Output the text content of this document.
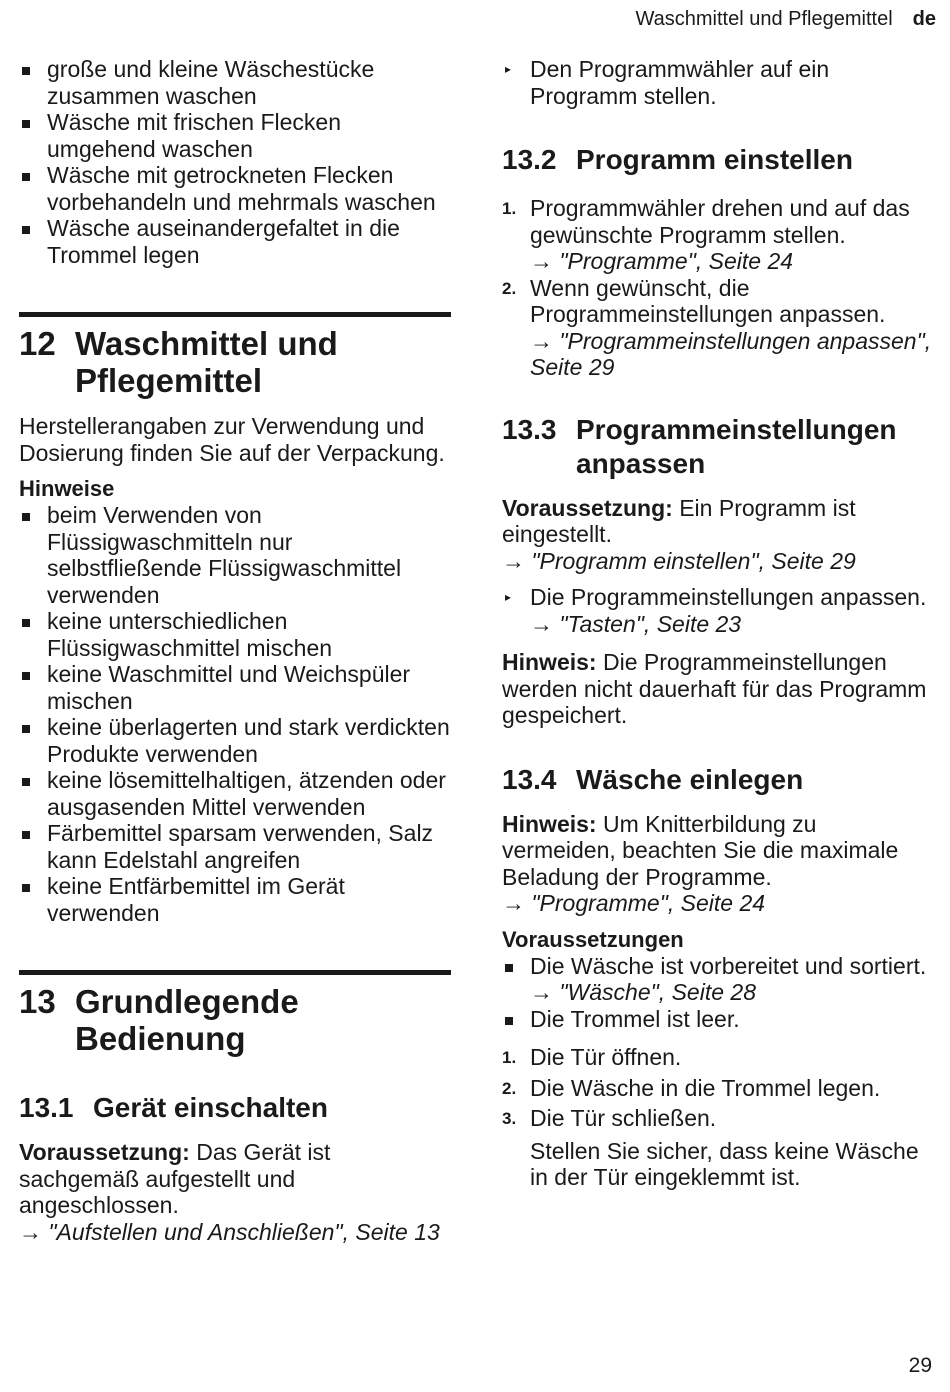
Waschmittel und Pflegemittel de
große und kleine Wäschestücke zusammen waschen
Wäsche mit frischen Flecken umgehend waschen
Wäsche mit getrockneten Flecken vorbehandeln und mehrmals waschen
Wäsche auseinandergefaltet in die Trommel legen
12 Waschmittel und Pflegemittel

Herstellerangaben zur Verwendung und Dosierung finden Sie auf der Verpackung.

Hinweise
beim Verwenden von Flüssigwaschmitteln nur selbstfließende Flüssigwaschmittel verwenden
keine unterschiedlichen Flüssigwaschmittel mischen
keine Waschmittel und Weichspüler mischen
keine überlagerten und stark verdickten Produkte verwenden
keine lösemittelhaltigen, ätzenden oder ausgasenden Mittel verwenden
Färbemittel sparsam verwenden, Salz kann Edelstahl angreifen
keine Entfärbemittel im Gerät verwenden
13 Grundlegende Bedienung
13.1 Gerät einschalten

Voraussetzung: Das Gerät ist sachgemäß aufgestellt und angeschlossen.

→ "Aufstellen und Anschließen", Seite 13

▸ Den Programmwähler auf ein Programm stellen.
13.2 Programm einstellen
1. Programmwähler drehen und auf das gewünschte Programm stellen.
→ "Programme", Seite 24
2. Wenn gewünscht, die Programmeinstellungen anpassen.
→ "Programmeinstellungen anpassen", Seite 29
13.3 Programmeinstellungen anpassen

Voraussetzung: Ein Programm ist eingestellt.

→ "Programm einstellen", Seite 29

▸ Die Programmeinstellungen anpassen.
→ "Tasten", Seite 23

Hinweis: Die Programmeinstellungen werden nicht dauerhaft für das Programm gespeichert.

13.4 Wäsche einlegen

Hinweis: Um Knitterbildung zu vermeiden, beachten Sie die maximale Beladung der Programme.

→ "Programme", Seite 24

Voraussetzungen
Die Wäsche ist vorbereitet und sortiert.
→ "Wäsche", Seite 28
Die Trommel ist leer.
1. Die Tür öffnen.
2. Die Wäsche in die Trommel legen.
3. Die Tür schließen.
Stellen Sie sicher, dass keine Wäsche in der Tür eingeklemmt ist.
29
